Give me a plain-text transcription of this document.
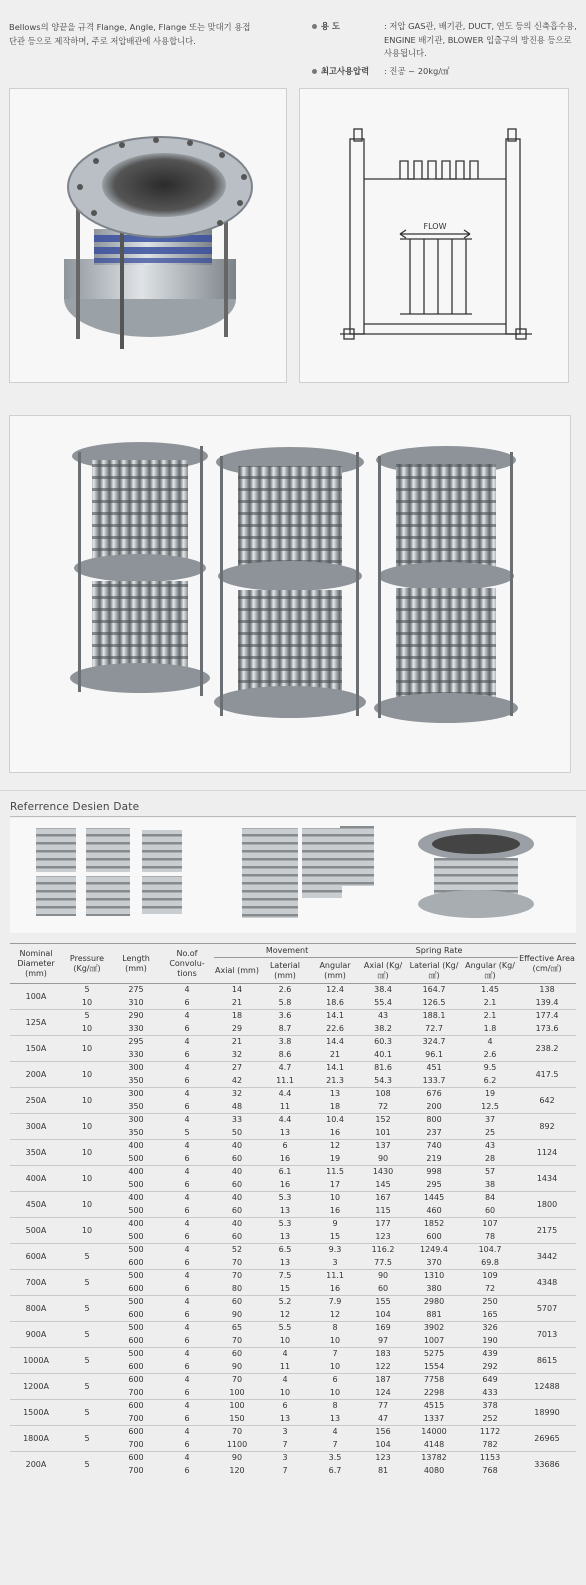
Bellows의 양끝을 규격 Flange, Angle, Flange 또는 맞대기 용접
단관 등으로 제작하며, 주로 저압배관에 사용합니다.
용 도	: 저압 GAS관, 배기관, DUCT, 연도 등의 신축흡수용, ENGINE 배기관, BLOWER 입출구의 방진용 등으로 사용됩니다.
최고사용압력	: 진공 ~ 20kg/㎠
FLOW
Referrence Desien Date
Nominal Diameter (mm)	Pressure (Kg/㎠)	Length (mm)	No.of Convolu- tions	Movement			Spring Rate			Effective Area (cm/㎠)
				Axial (mm)	Laterial (mm)	Angular (mm)	Axial (Kg/㎠)	Laterial (Kg/㎠)	Angular (Kg/㎠)	
100A	5	275	4	14	2.6	12.4	38.4	164.7	1.45	138
	10	310	6	21	5.8	18.6	55.4	126.5	2.1	139.4
125A	5	290	4	18	3.6	14.1	43	188.1	2.1	177.4
	10	330	6	29	8.7	22.6	38.2	72.7	1.8	173.6
150A	10	295	4	21	3.8	14.4	60.3	324.7	4	238.2
		330	6	32	8.6	21	40.1	96.1	2.6	
200A	10	300	4	27	4.7	14.1	81.6	451	9.5	417.5
		350	6	42	11.1	21.3	54.3	133.7	6.2	
250A	10	300	4	32	4.4	13	108	676	19	642
		350	6	48	11	18	72	200	12.5	
300A	10	300	4	33	4.4	10.4	152	800	37	892
		350	5	50	13	16	101	237	25	
350A	10	400	4	40	6	12	137	740	43	1124
		500	6	60	16	19	90	219	28	
400A	10	400	4	40	6.1	11.5	1430	998	57	1434
		500	6	60	16	17	145	295	38	
450A	10	400	4	40	5.3	10	167	1445	84	1800
		500	6	60	13	16	115	460	60	
500A	10	400	4	40	5.3	9	177	1852	107	2175
		500	6	60	13	15	123	600	78	
600A	5	500	4	52	6.5	9.3	116.2	1249.4	104.7	3442
		600	6	70	13	3	77.5	370	69.8	
700A	5	500	4	70	7.5	11.1	90	1310	109	4348
		600	6	80	15	16	60	380	72	
800A	5	500	4	60	5.2	7.9	155	2980	250	5707
		600	6	90	12	12	104	881	165	
900A	5	500	4	65	5.5	8	169	3902	326	7013
		600	6	70	10	10	97	1007	190	
1000A	5	500	4	60	4	7	183	5275	439	8615
		600	6	90	11	10	122	1554	292	
1200A	5	600	4	70	4	6	187	7758	649	12488
		700	6	100	10	10	124	2298	433	
1500A	5	600	4	100	6	8	77	4515	378	18990
		700	6	150	13	13	47	1337	252	
1800A	5	600	4	70	3	4	156	14000	1172	26965
		700	6	1100	7	7	104	4148	782	
200A	5	600	4	90	3	3.5	123	13782	1153	33686
		700	6	120	7	6.7	81	4080	768	
